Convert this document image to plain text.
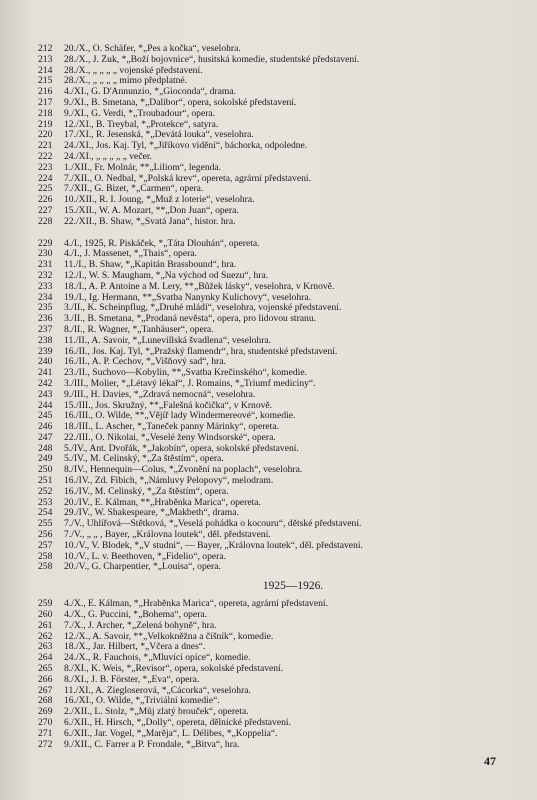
212	20./X., O. Schäfer, *„Pes a kočka“, veselohra.
213	28./X., J. Žuk, *„Boží bojovnice“, husitská komedie, studentské představení.
214	28./X., „ „ „ „ vojenské představení.
215	28./X., „ „ „ „ mimo předplatné.
216	4./XI., G. D'Annunzio, *„Gioconda“, drama.
217	9./XI., B. Smetana, *„Dalibor“, opera, sokolské představení.
218	9./XI., G. Verdi, *„Troubadour“, opera.
219	12./XI., B. Treybal, *„Protekce“, satyra.
220	17./XI., R. Jesenská, *„Devátá louka“, veselohra.
221	24./XI., Jos. Kaj. Tyl, *„Jiříkovo vidění“, báchorka, odpoledne.
222	24./XI., „ „ „ „ „ večer.
223	1./XII., Fr. Molnár, **„Liliom“, legenda.
224	7./XII., O. Nedbal, *„Polská krev“, opereta, agrární představení.
225	7./XII., G. Bizet, *„Carmen“, opera.
226	10./XII., R. I. Joung, *„Muž z loterie“, veselohra.
227	15./XII., W. A. Mozart, **„Don Juan“, opera.
228	22./XII., B. Shaw, *„Svatá Jana“, histor. hra.
229	4./I., 1925, R. Piskáček, *„Táta Dlouhán“, opereta.
230	4./I., J. Massenet, *„Thais“, opera.
231	11./I., B. Shaw, *„Kapitán Brassbound“, hra.
232	12./I., W. S. Maugham, *„Na východ od Suezu“, hra.
233	18./I., A. P. Antoine a M. Lery, **„Bůžek lásky“, veselohra, v Krnově.
234	19./I., Ig. Hermann, **„Svatba Nanynky Kulichovy“, veselohra.
235	3./II., K. Scheinpflug, *„Druhé mládí“, veselohra, vojenské představení.
236	3./II., B. Smetana, *„Prodaná nevěsta“, opera, pro lidovou stranu.
237	8./II., R. Wagner, *„Tanhäuser“, opera.
238	11./II., A. Savoir, *„Lunevillská švadlena“, veselohra.
239	16./II., Jos. Kaj. Tyl, *„Pražský flamendr“, hra, studentské představení.
240	16./II., A. P. Čechov, *„Višňový sad“, hra.
241	23./II., Suchovo—Kobylin, **„Svatba Krečinského“, komedie.
242	3./III., Molier, *„Létavý lékař“, J. Romains, *„Triumf mediciny“.
243	9./III., H. Davies, *„Zdravá nemocná“, veselohra.
244	15./III., Jos. Skružný, **„Falešná kočička“, v Krnově.
245	16./III., O. Wilde, **„Vějíř lady Windermereové“, komedie.
246	18./III., L. Ascher, *„Taneček panny Márinky“, opereta.
247	22./III., O. Nikolai, *„Veselé ženy Windsorské“, opera.
248	5./IV., Ant. Dvořák, *„Jakobín“, opera, sokolské představení.
249	5./IV., M. Čelinský, *„Za štěstím“, opera.
250	8./IV., Hennequin—Colus, *„Zvonění na poplach“, veselohra.
251	16./IV., Zd. Fibich, *„Námluvy Pelopovy“, melodram.
252	16./IV., M. Čelinský, *„Za štěstím“, opera.
253	20./IV., E. Kálman, **„Hraběnka Marica“, opereta.
254	29./IV., W. Shakespeare, *„Makbeth“, drama.
255	7./V., Uhlířová—Štětková, *„Veselá pohádka o kocouru“, dětské představení.
256	7./V., „ „ , Bayer, „Královna loutek“, děl. představení.
257	10./V., V. Blodek, *„V studni“, — Bayer, „Královna loutek“, děl. představení.
258	10./V., L. v. Beethoven, *„Fidelio“, opera.
258	20./V., G. Charpentier, *„Louisa“, opera.
1925—1926.
259	4./X., E. Kálman, *„Hraběnka Marica“, opereta, agrární představení.
260	4./X., G. Puccini, *„Bohema“, opera.
261	7./X., J. Archer, *„Zelená bohyně“, hra.
262	12./X., A. Savoir, **„Velkokněžna a číšník“, komedie.
263	18./X., Jar. Hilbert, *„Včera a dnes“.
264	24./X., R. Fauchois, *„Mluvící opice“, komedie.
265	8./XI., K. Weis, *„Revisor“, opera, sokolské představení.
266	8./XI., J. B. Förster, *„Eva“, opera.
267	11./XI., A. Ziegloserová, *„Čácorka“, veselohra.
268	16./XI., O. Wilde, *„Triviální komedie“.
269	2./XII., L. Stolz, *„Můj zlatý brouček“, opereta.
270	6./XII., H. Hirsch, *„Dolly“, opereta, dělnické představení.
271	6./XII., Jar. Vogel, *„Marěja“, L. Délibes, *„Koppelia“.
272	9./XII., C. Farrer a P. Frondale, *„Bitva“, hra.
47
